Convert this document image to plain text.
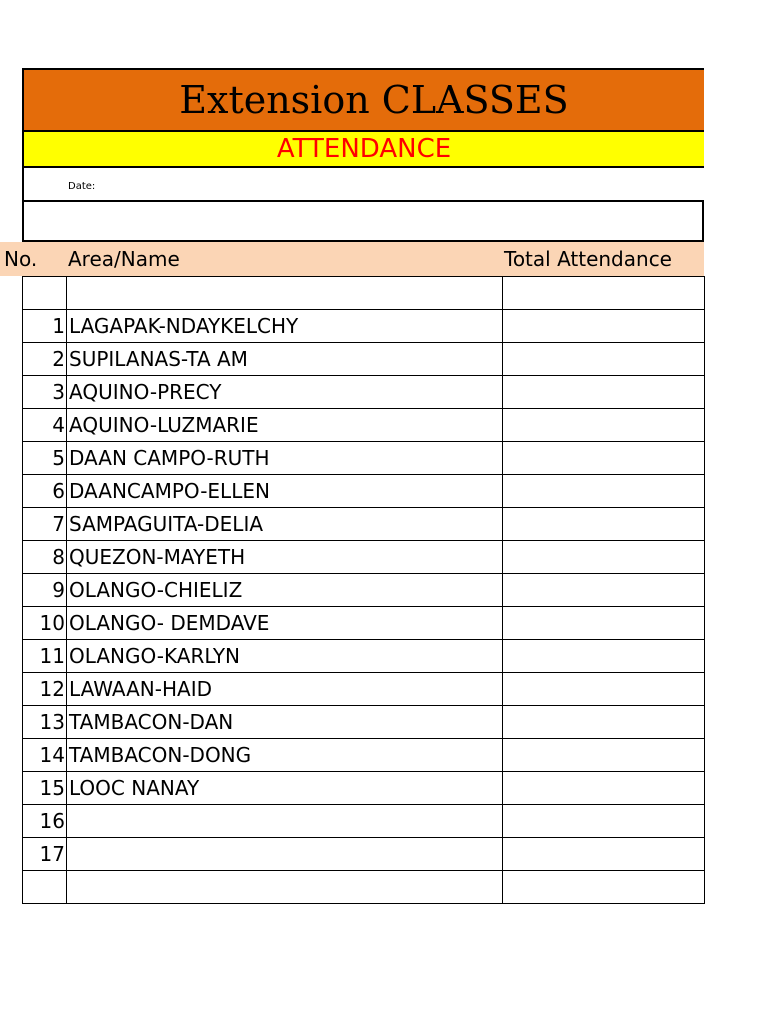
Extension CLASSES
ATTENDANCE
Date:
No.	Area/Name	Total Attendance

1	LAGAPAK-NDAYKELCHY	
2	SUPILANAS-TA AM	
3	AQUINO-PRECY	
4	AQUINO-LUZMARIE	
5	DAAN CAMPO-RUTH	
6	DAANCAMPO-ELLEN	
7	SAMPAGUITA-DELIA	
8	QUEZON-MAYETH	
9	OLANGO-CHIELIZ	
10	OLANGO- DEMDAVE	
11	OLANGO-KARLYN	
12	LAWAAN-HAID	
13	TAMBACON-DAN	
14	TAMBACON-DONG	
15	LOOC NANAY	
16		
17		
